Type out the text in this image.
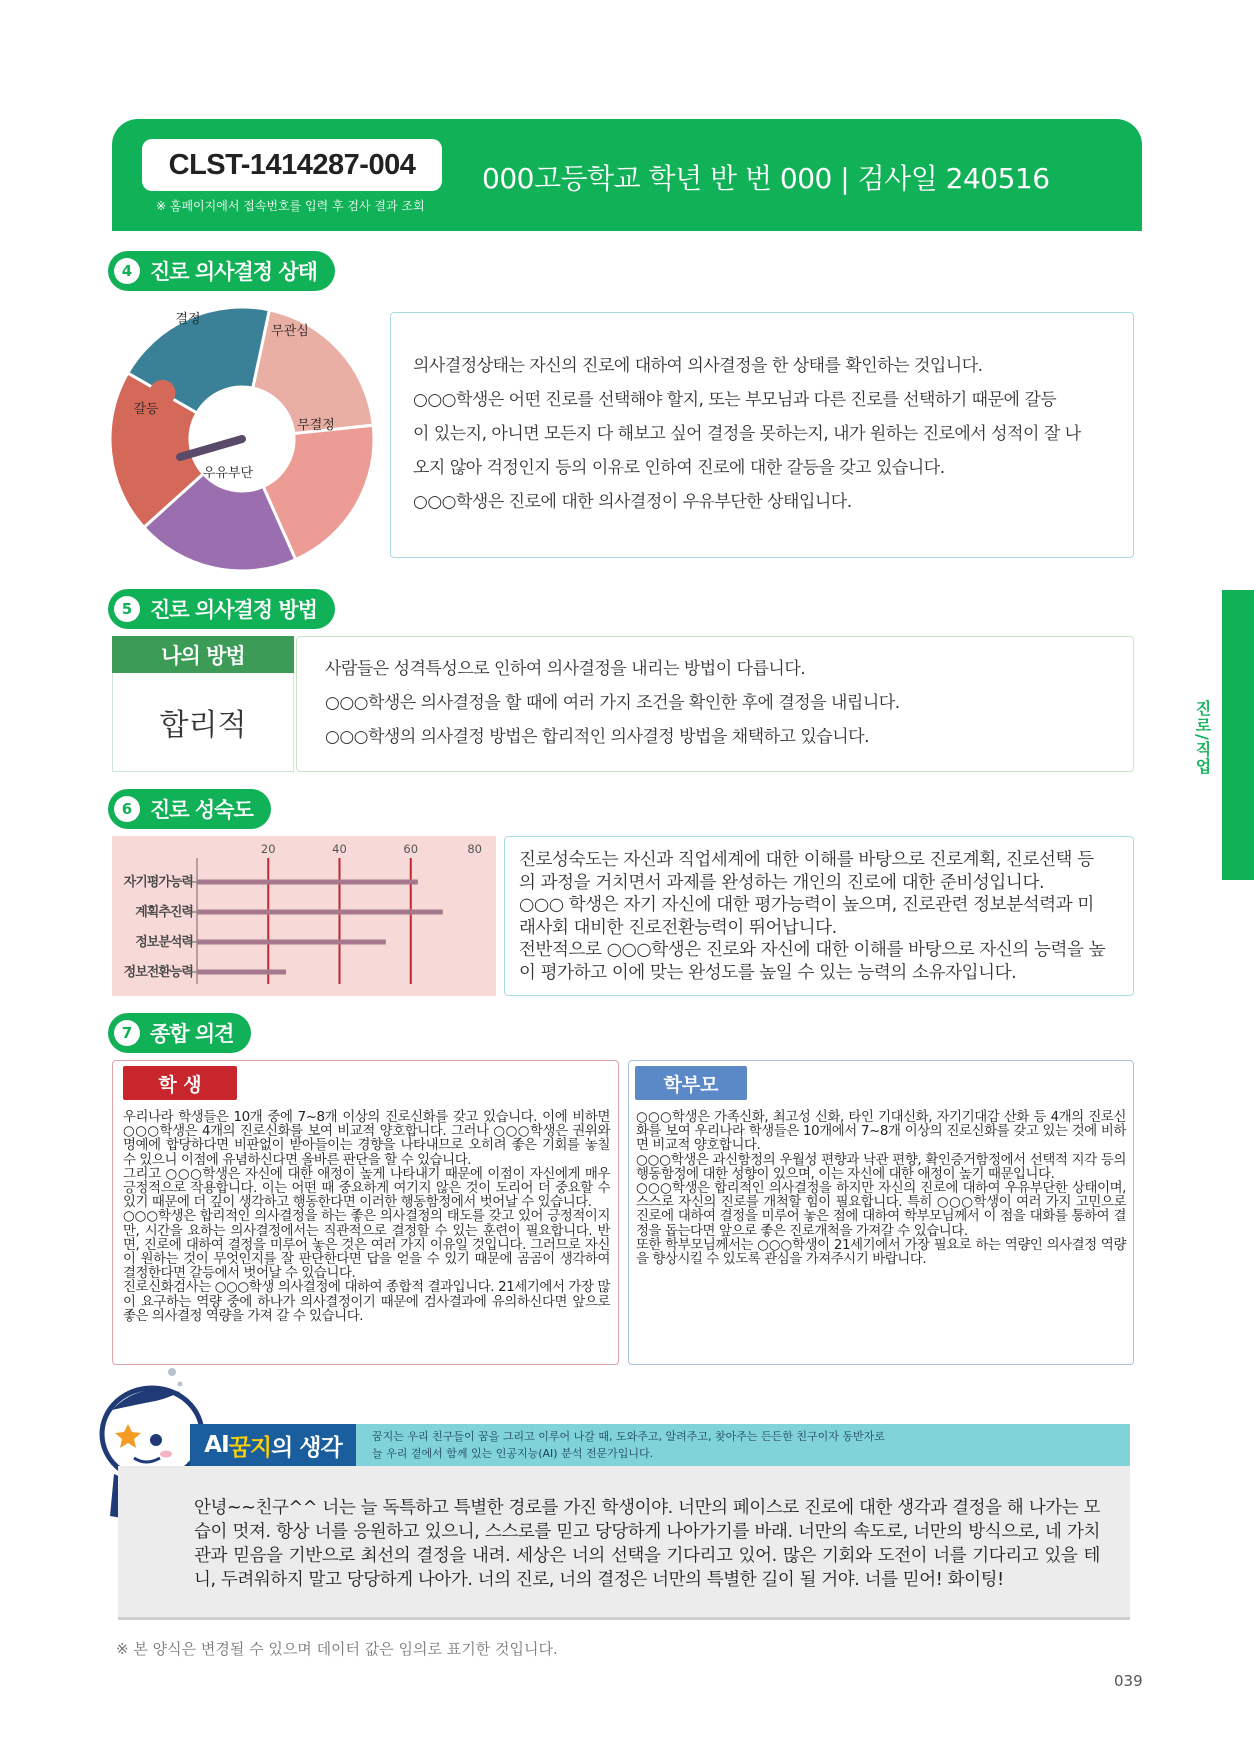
CLST-1414287-004
※ 홈페이지에서 접속번호를 입력 후 검사 결과 조회
000고등학교 학년 반 번 000 | 검사일 240516
4 진로 의사결정 상태
결정
무관심
무결정
우유부단
갈등
의사결정상태는 자신의 진로에 대하여 의사결정을 한 상태를 확인하는 것입니다.
○○○학생은 어떤 진로를 선택해야 할지, 또는 부모님과 다른 진로를 선택하기 때문에 갈등
이 있는지, 아니면 모든지 다 해보고 싶어 결정을 못하는지, 내가 원하는 진로에서 성적이 잘 나
오지 않아 걱정인지 등의 이유로 인하여 진로에 대한 갈등을 갖고 있습니다.
○○○학생은 진로에 대한 의사결정이 우유부단한 상태입니다.
5 진로 의사결정 방법
나의 방법
합리적
사람들은 성격특성으로 인하여 의사결정을 내리는 방법이 다릅니다.
○○○학생은 의사결정을 할 때에 여러 가지 조건을 확인한 후에 결정을 내립니다.
○○○학생의 의사결정 방법은 합리적인 의사결정 방법을 채택하고 있습니다.
6 진로 성숙도
20	40	60	80
자기평가능력
계획추진력
정보분석력
정보전환능력
진로성숙도는 자신과 직업세계에 대한 이해를 바탕으로 진로계획, 진로선택 등
의 과정을 거치면서 과제를 완성하는 개인의 진로에 대한 준비성입니다.
○○○ 학생은 자기 자신에 대한 평가능력이 높으며, 진로관련 정보분석력과 미
래사회 대비한 진로전환능력이 뛰어납니다.
전반적으로 ○○○학생은 진로와 자신에 대한 이해를 바탕으로 자신의 능력을 높
이 평가하고 이에 맞는 완성도를 높일 수 있는 능력의 소유자입니다.
7 종합 의견
학 생
우리나라 학생들은 10개 중에 7~8개 이상의 진로신화를 갖고 있습니다. 이에 비하면 ○○○학생은 4개의 진로신화를 보여 비교적 양호합니다. 그러나 ○○○학생은 권위와 명예에 합당하다면 비판없이 받아들이는 경향을 나타내므로 오히려 좋은 기회를 놓칠 수 있으니 이점에 유념하신다면 올바른 판단을 할 수 있습니다.
그리고 ○○○학생은 자신에 대한 애정이 높게 나타내기 때문에 이점이 자신에게 매우 긍정적으로 작용합니다. 이는 어떤 때 중요하게 여기지 않은 것이 도리어 더 중요할 수 있기 때문에 더 깊이 생각하고 행동한다면 이러한 행동함정에서 벗어날 수 있습니다.
○○○학생은 합리적인 의사결정을 하는 좋은 의사결정의 태도를 갖고 있어 긍정적이지만, 시간을 요하는 의사결정에서는 직관적으로 결정할 수 있는 훈련이 필요합니다. 반면, 진로에 대하여 결정을 미루어 놓은 것은 여러 가지 이유일 것입니다. 그러므로 자신이 원하는 것이 무엇인지를 잘 판단한다면 답을 얻을 수 있기 때문에 곰곰이 생각하여 결정한다면 갈등에서 벗어날 수 있습니다.
진로신화검사는 ○○○학생 의사결정에 대하여 종합적 결과입니다. 21세기에서 가장 많이 요구하는 역량 중에 하나가 의사결정이기 때문에 검사결과에 유의하신다면 앞으로 좋은 의사결정 역량을 가져 갈 수 있습니다.
학부모
○○○학생은 가족신화, 최고성 신화, 타인 기대신화, 자기기대감 산화 등 4개의 진로신화를 보여 우리나라 학생들은 10개에서 7~8개 이상의 진로신화를 갖고 있는 것에 비하면 비교적 양호합니다.
○○○학생은 과신함정의 우월성 편향과 낙관 편향, 확인증거함정에서 선택적 지각 등의 행동함정에 대한 성향이 있으며, 이는 자신에 대한 애정이 높기 때문입니다.
○○○학생은 합리적인 의사결정을 하지만 자신의 진로에 대하여 우유부단한 상태이며, 스스로 자신의 진로를 개척할 힘이 필요합니다. 특히 ○○○학생이 여러 가지 고민으로 진로에 대하여 결정을 미루어 놓은 점에 대하여 학부모님께서 이 점을 대화를 통하여 결정을 돕는다면 앞으로 좋은 진로개척을 가져갈 수 있습니다.
또한 학부모님께서는 ○○○학생이 21세기에서 가장 필요로 하는 역량인 의사결정 역량을 향상시킬 수 있도록 관심을 가져주시기 바랍니다.
AI 꿈지 의 생각	꿈지는 우리 친구들이 꿈을 그리고 이루어 나갈 때, 도와주고, 알려주고, 찾아주는 든든한 친구이자 동반자로
늘 우리 곁에서 함께 있는 인공지능(AI) 분석 전문가입니다.
안녕~~친구^^ 너는 늘 독특하고 특별한 경로를 가진 학생이야. 너만의 페이스로 진로에 대한 생각과 결정을 해 나가는 모습이 멋져. 항상 너를 응원하고 있으니, 스스로를 믿고 당당하게 나아가기를 바래. 너만의 속도로, 너만의 방식으로, 네 가치관과 믿음을 기반으로 최선의 결정을 내려. 세상은 너의 선택을 기다리고 있어. 많은 기회와 도전이 너를 기다리고 있을 테니, 두려워하지 말고 당당하게 나아가. 너의 진로, 너의 결정은 너만의 특별한 길이 될 거야. 너를 믿어! 화이팅!
※ 본 양식은 변경될 수 있으며 데이터 값은 임의로 표기한 것입니다.
039
진로/직업
